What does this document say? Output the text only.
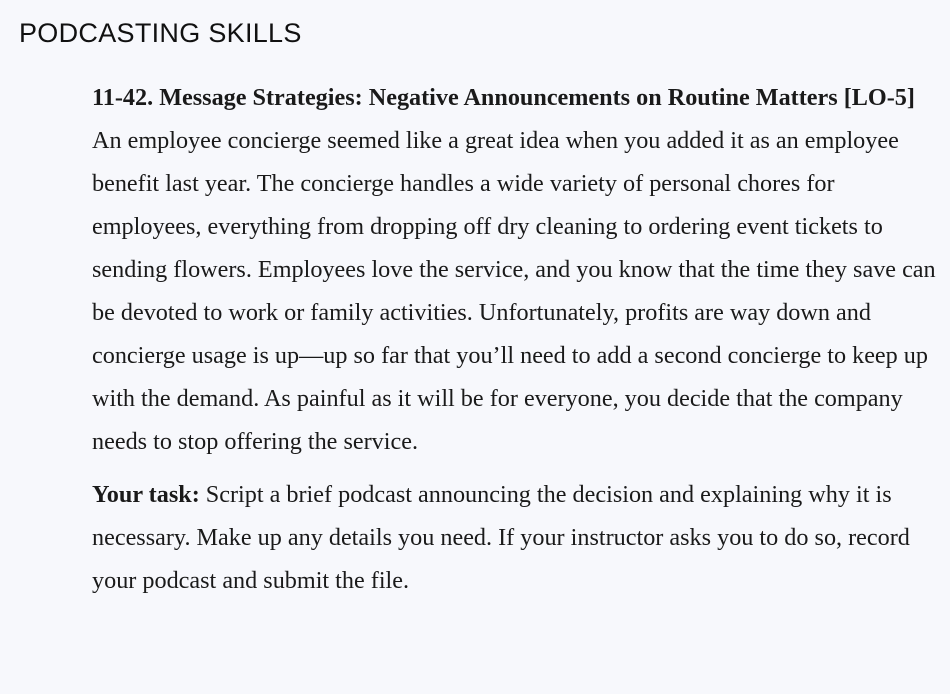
PODCASTING SKILLS

11-42. Message Strategies: Negative Announcements on Routine Matters [LO-5] An employee concierge seemed like a great idea when you added it as an employee benefit last year. The concierge handles a wide variety of personal chores for employees, everything from dropping off dry cleaning to ordering event tickets to sending flowers. Employees love the service, and you know that the time they save can be devoted to work or family activities. Unfortunately, profits are way down and concierge usage is up—up so far that you’ll need to add a second concierge to keep up with the demand. As painful as it will be for everyone, you decide that the company needs to stop offering the service.

Your task: Script a brief podcast announcing the decision and explaining why it is necessary. Make up any details you need. If your instructor asks you to do so, record your podcast and submit the file.
